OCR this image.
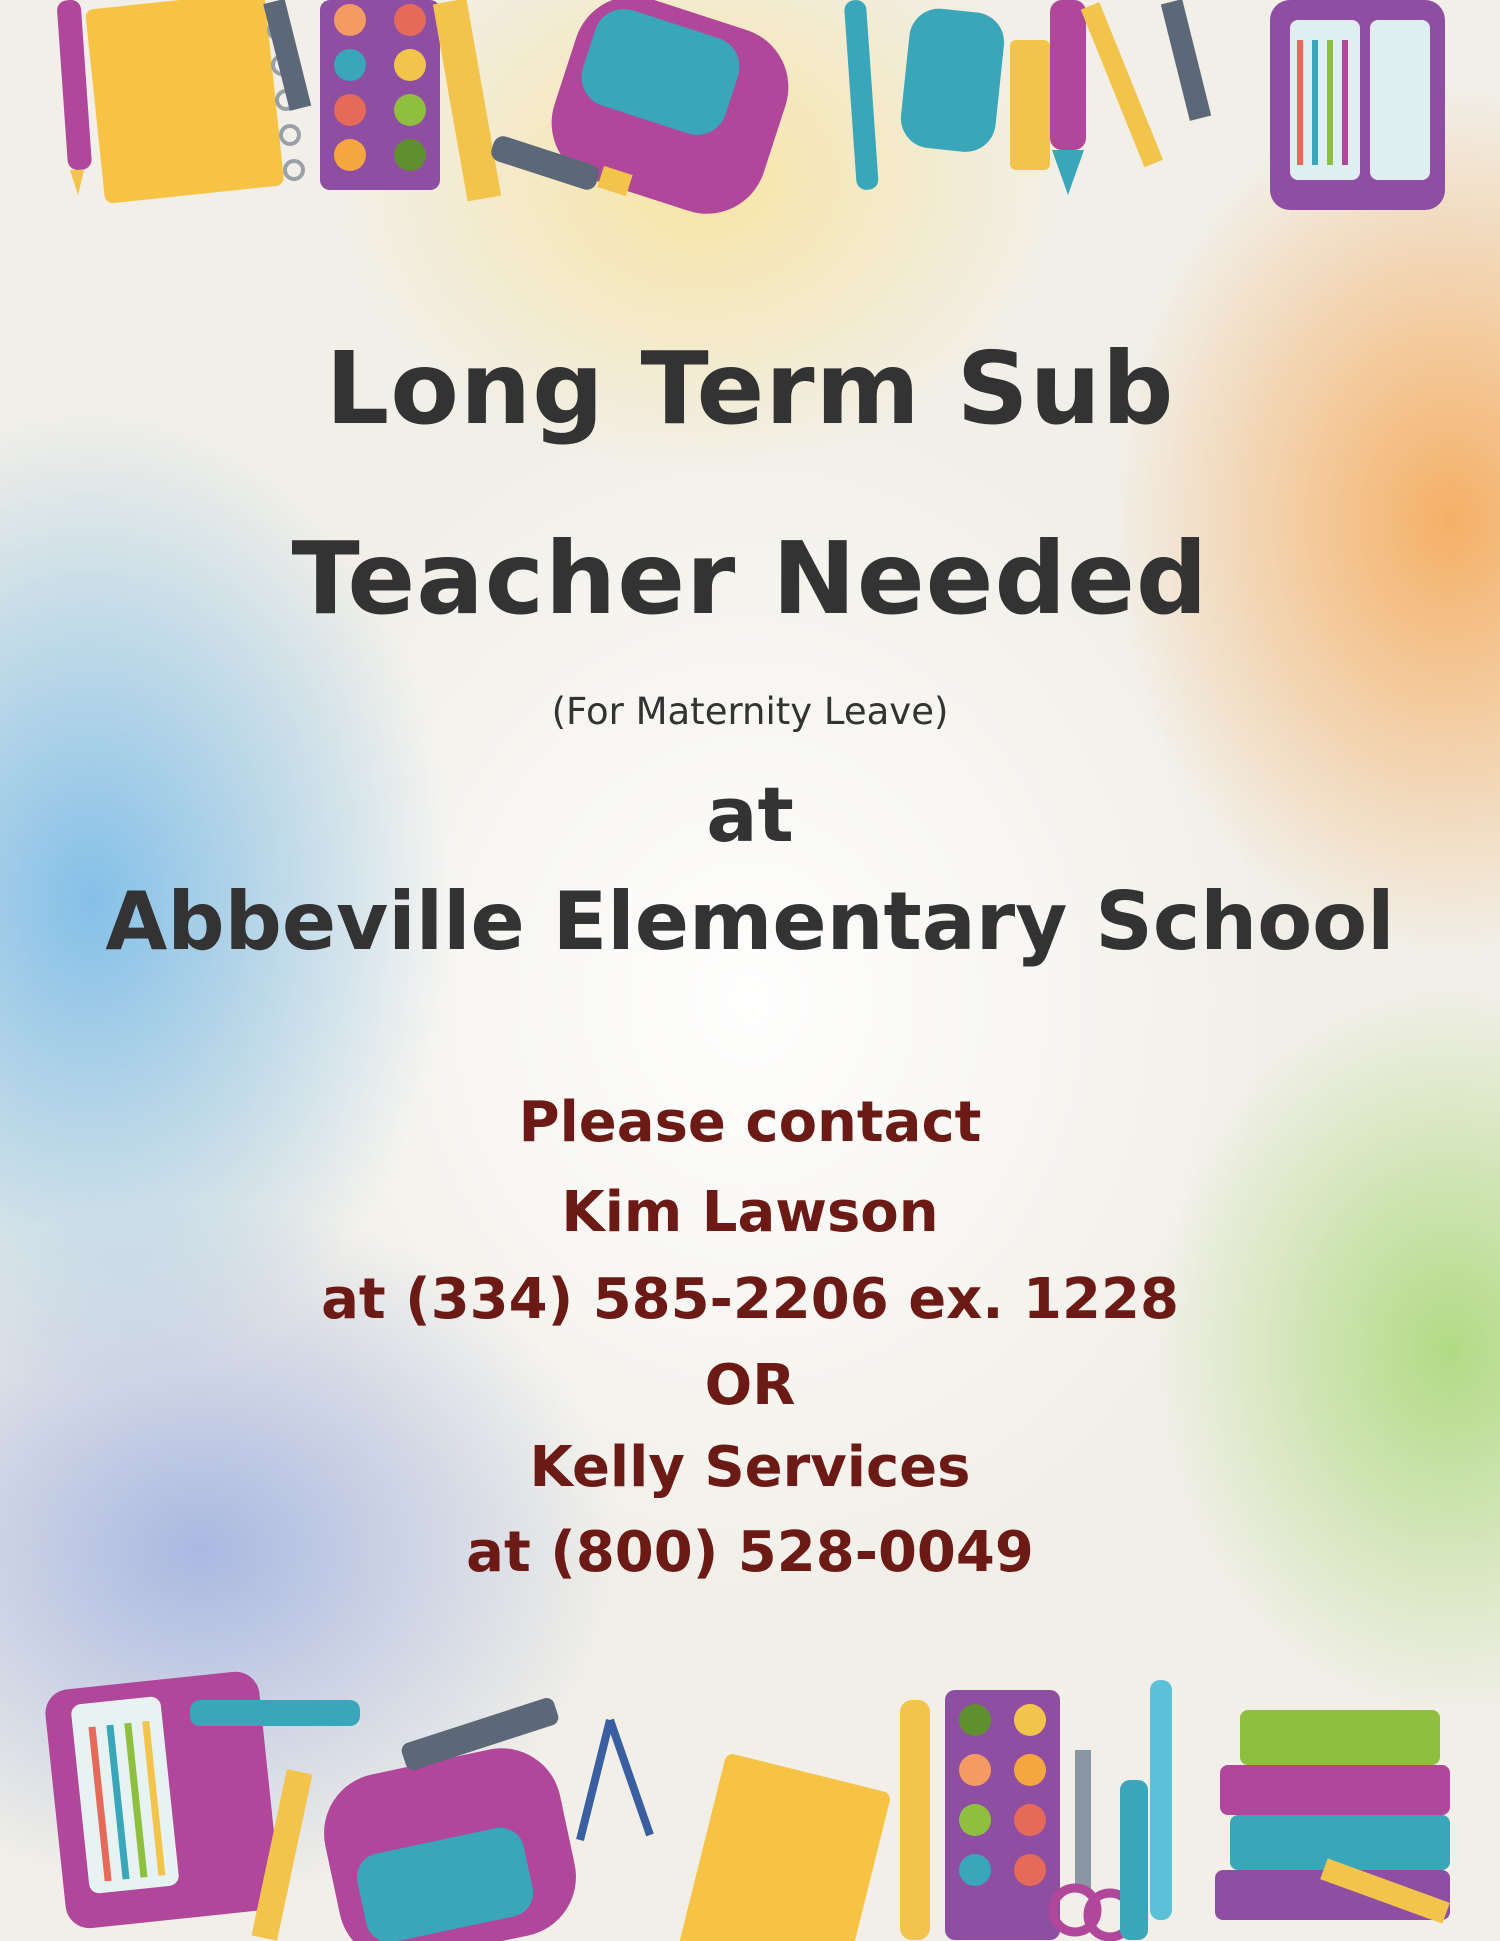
Long Term Sub
Teacher Needed
(For Maternity Leave)
at
Abbeville Elementary School
Please contact
Kim Lawson
at (334) 585-2206 ex. 1228
OR
Kelly Services
at (800) 528-0049
